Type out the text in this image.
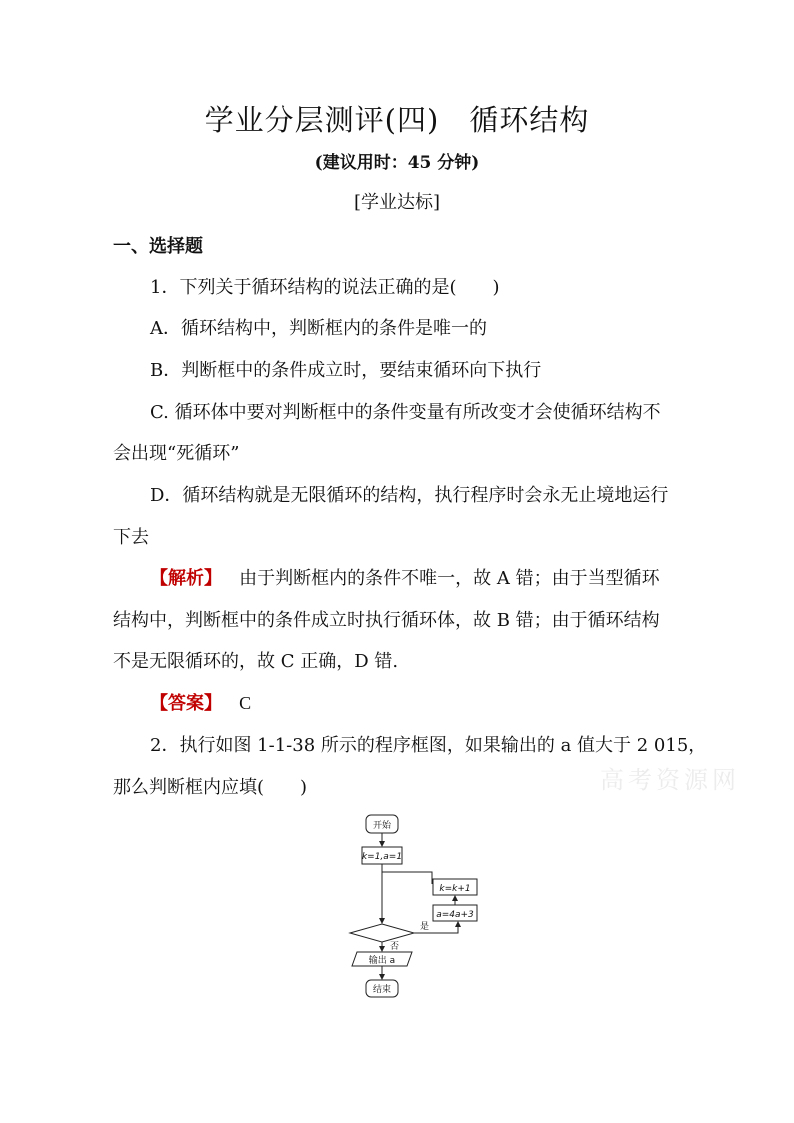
学业分层测评(四) 循环结构
(建议用时：45 分钟)
[学业达标]
一、选择题
1．下列关于循环结构的说法正确的是(　　)
A．循环结构中，判断框内的条件是唯一的
B．判断框中的条件成立时，要结束循环向下执行
C. 循环体中要对判断框中的条件变量有所改变才会使循环结构不
会出现“死循环”
D．循环结构就是无限循环的结构，执行程序时会永无止境地运行
下去
【解析】 由于判断框内的条件不唯一，故 A 错；由于当型循环
结构中，判断框中的条件成立时执行循环体，故 B 错；由于循环结构
不是无限循环的，故 C 正确，D 错.
【答案】 C
2．执行如图 1-1-38 所示的程序框图，如果输出的 a 值大于 2 015，
那么判断框内应填(　　)	高考资源网
开始
k=1,a=1
k=k+1
a=4a+3
是
否
输出 a
结束
